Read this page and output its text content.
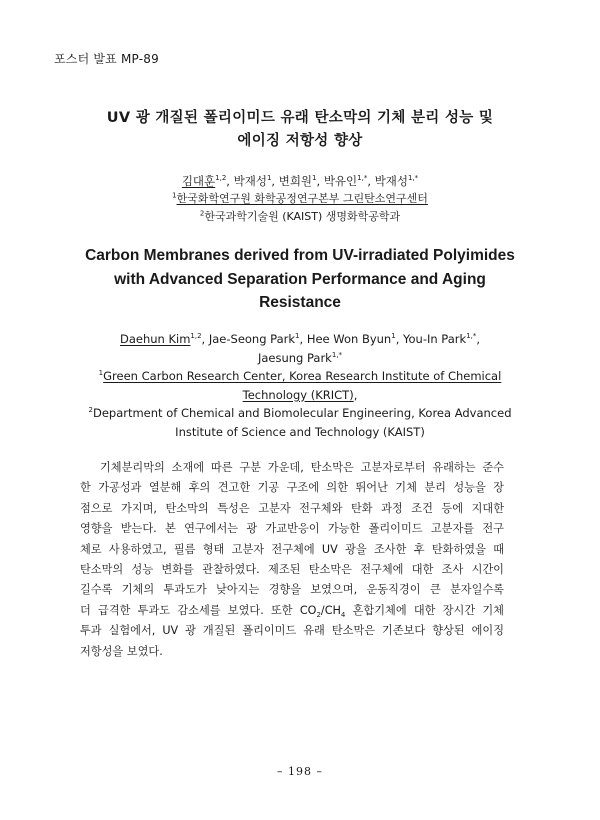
포스터 발표 MP-89
UV 광 개질된 폴리이미드 유래 탄소막의 기체 분리 성능 및
에이징 저항성 향상
김대훈$^{1,2}$, 박재성$^1$, 변희원$^1$, 박유인$^{1,*}$, 박재성$^{1,*}$
$^1$한국화학연구원 화학공정연구본부 그린탄소연구센터
$^2$한국과학기술원 (KAIST) 생명화학공학과
Carbon Membranes derived from UV-irradiated Polyimides
with Advanced Separation Performance and Aging
Resistance
Daehun Kim$^{1,2}$, Jae-Seong Park$^1$, Hee Won Byun$^1$, You-In Park$^{1,*}$,
Jaesung Park$^{1,*}$
$^1$Green Carbon Research Center, Korea Research Institute of Chemical
Technology (KRICT),
$^2$Department of Chemical and Biomolecular Engineering, Korea Advanced
Institute of Science and Technology (KAIST)
기체분리막의 소재에 따른 구분 가운데, 탄소막은 고분자로부터 유래하는 준수
한 가공성과 열분해 후의 견고한 기공 구조에 의한 뛰어난 기체 분리 성능을 장
점으로 가지며, 탄소막의 특성은 고분자 전구체와 탄화 과정 조건 등에 지대한
영향을 받는다. 본 연구에서는 광 가교반응이 가능한 폴리이미드 고분자를 전구
체로 사용하였고, 필름 형태 고분자 전구체에 UV 광을 조사한 후 탄화하였을 때
탄소막의 성능 변화를 관찰하였다. 제조된 탄소막은 전구체에 대한 조사 시간이
길수록 기체의 투과도가 낮아지는 경향을 보였으며, 운동직경이 큰 분자일수록
더 급격한 투과도 감소세를 보였다. 또한 $CO_2/CH_4$ 혼합기체에 대한 장시간 기체
투과 실험에서, UV 광 개질된 폴리이미드 유래 탄소막은 기존보다 향상된 에이징
저항성을 보였다.
– 198 –
